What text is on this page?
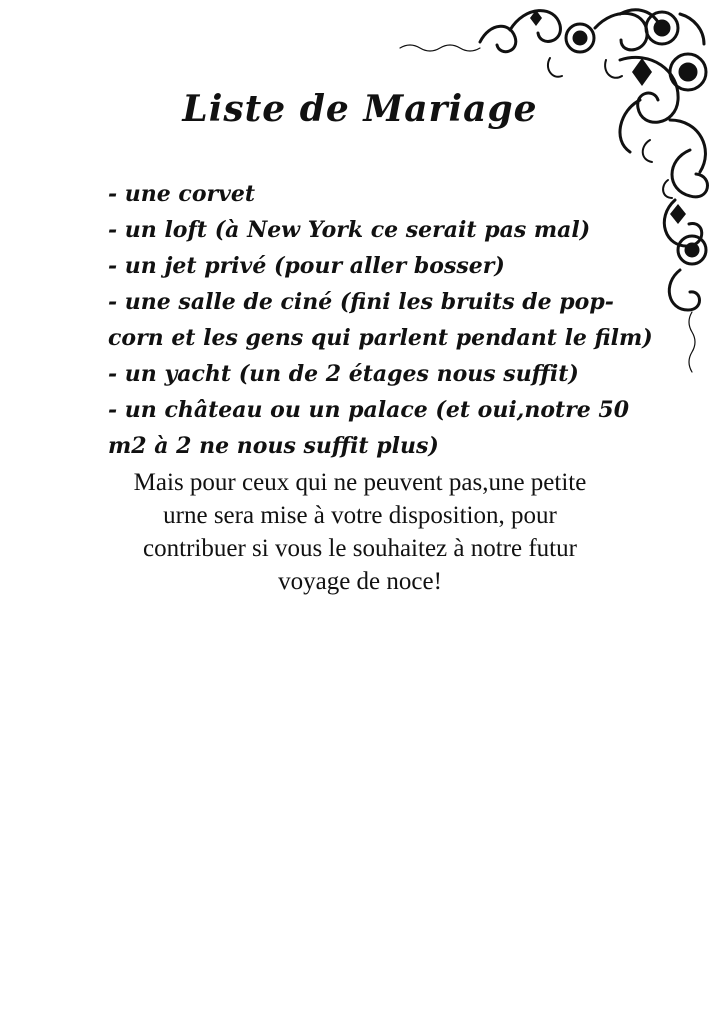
Liste de Mariage
- une corvet
- un loft (à New York ce serait pas mal)
- un jet privé (pour aller bosser)
- une salle de ciné (fini les bruits de pop-corn et les gens qui parlent pendant le film)
- un yacht (un de 2 étages nous suffit)
- un château ou un palace (et oui,notre 50 m2 à 2 ne nous suffit plus)
Mais pour ceux qui ne peuvent pas,une petite urne sera mise à votre disposition, pour contribuer si vous le souhaitez à notre futur voyage de noce!
